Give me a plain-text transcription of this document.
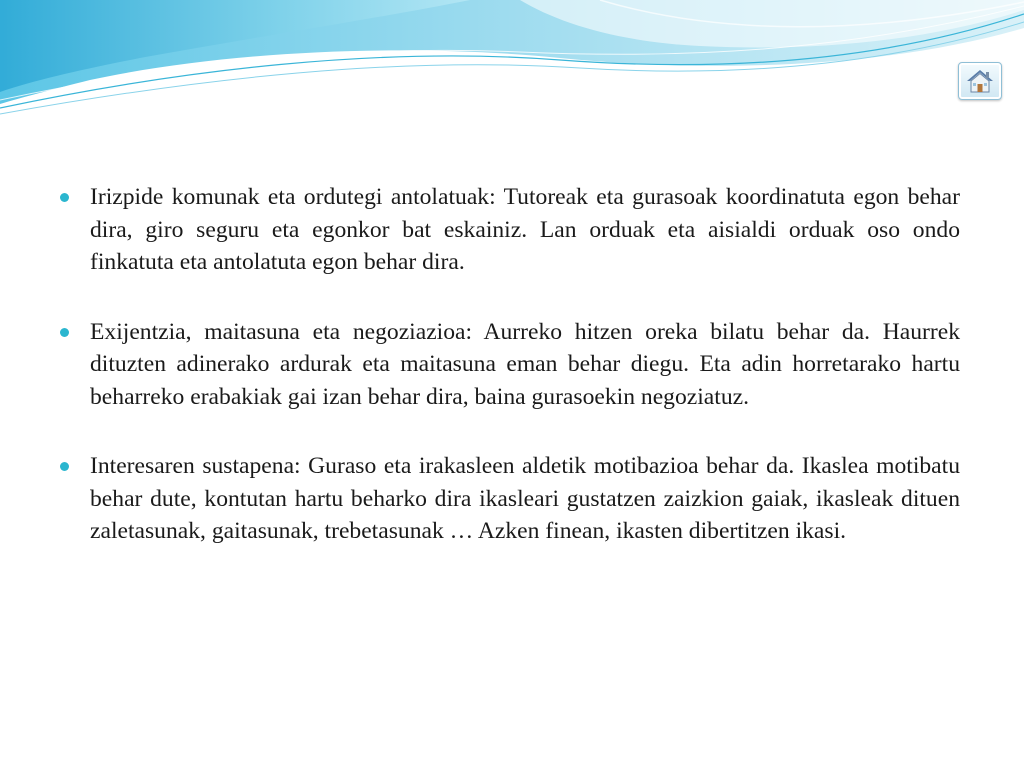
Irizpide komunak eta ordutegi antolatuak: Tutoreak eta gurasoak koordinatuta egon behar dira, giro seguru eta egonkor bat eskainiz. Lan orduak eta aisialdi orduak oso ondo finkatuta eta antolatuta egon behar dira.
Exijentzia, maitasuna eta negoziazioa: Aurreko hitzen oreka bilatu behar da. Haurrek dituzten adinerako ardurak eta maitasuna eman behar diegu. Eta adin horretarako hartu beharreko erabakiak gai izan behar dira, baina gurasoekin negoziatuz.
Interesaren sustapena: Guraso eta irakasleen aldetik motibazioa behar da. Ikaslea motibatu behar dute, kontutan hartu beharko dira ikasleari gustatzen zaizkion gaiak, ikasleak dituen zaletasunak, gaitasunak, trebetasunak … Azken finean, ikasten dibertitzen ikasi.
